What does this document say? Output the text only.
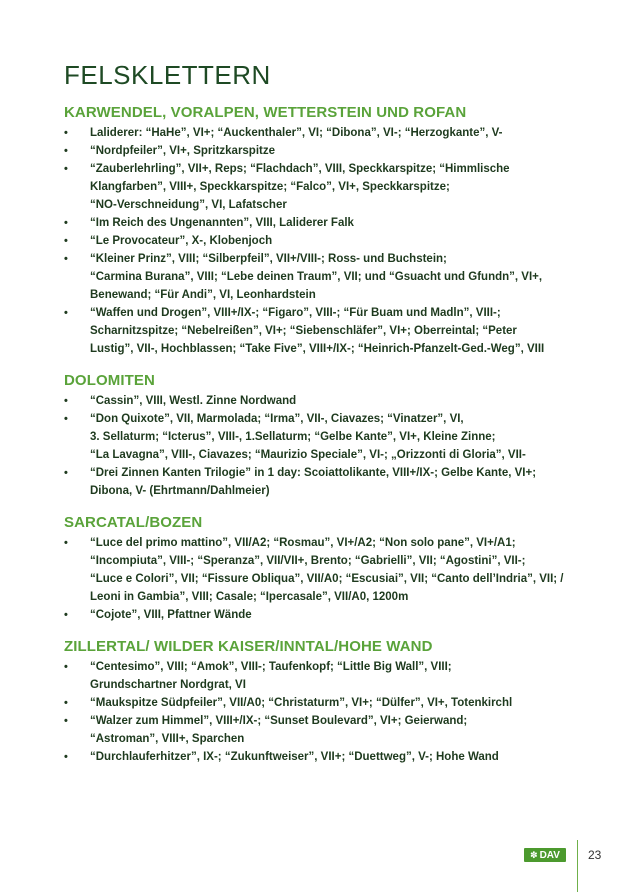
FELSKLETTERN
KARWENDEL, VORALPEN, WETTERSTEIN UND ROFAN
• Laliderer: “HaHe”, VI+; “Auckenthaler”, VI; “Dibona”, VI-; “Herzogkante”, V-
• “Nordpfeiler”, VI+, Spritzkarspitze
• “Zauberlehrling”, VII+, Reps; “Flachdach”, VIII, Speckkarspitze; “Himmlische
Klangfarben”, VIII+, Speckkarspitze; “Falco”, VI+, Speckkarspitze;
“NO-Verschneidung”, VI, Lafatscher
• “Im Reich des Ungenannten”, VIII, Laliderer Falk
• “Le Provocateur”, X-, Klobenjoch
• “Kleiner Prinz”, VIII; “Silberpfeil”, VII+/VIII-; Ross- und Buchstein;
“Carmina Burana”, VIII; “Lebe deinen Traum”, VII; und “Gsuacht und Gfundn”, VI+,
Benewand; “Für Andi”, VI, Leonhardstein
• “Waffen und Drogen”, VIII+/IX-; “Figaro”, VIII-; “Für Buam und Madln”, VIII-;
Scharnitzspitze; “Nebelreißen”, VI+; “Siebenschläfer”, VI+; Oberreintal; “Peter
Lustig”, VII-, Hochblassen; “Take Five”, VIII+/IX-; “Heinrich-Pfanzelt-Ged.-Weg”, VIII
DOLOMITEN
• “Cassin”, VIII, Westl. Zinne Nordwand
• “Don Quixote”, VII, Marmolada; “Irma”, VII-, Ciavazes; “Vinatzer”, VI,
3. Sellaturm; “Icterus”, VIII-, 1.Sellaturm; “Gelbe Kante”, VI+, Kleine Zinne;
“La Lavagna”, VIII-, Ciavazes; “Maurizio Speciale”, VI-; „Orizzonti di Gloria”, VII-
• “Drei Zinnen Kanten Trilogie” in 1 day: Scoiattolikante, VIII+/IX-; Gelbe Kante, VI+;
Dibona, V- (Ehrtmann/Dahlmeier)
SARCATAL/BOZEN
• “Luce del primo mattino”, VII/A2; “Rosmau”, VI+/A2; “Non solo pane”, VI+/A1;
“Incompiuta”, VIII-; “Speranza”, VII/VII+, Brento; “Gabrielli”, VII; “Agostini”, VII-;
“Luce e Colori”, VII; “Fissure Obliqua”, VII/A0; “Escusiai”, VII; “Canto dell’Indria”, VII; /
Leoni in Gambia”, VIII; Casale; “Ipercasale”, VII/A0, 1200m
• “Cojote”, VIII, Pfattner Wände
ZILLERTAL/ WILDER KAISER/INNTAL/HOHE WAND
• “Centesimo”, VIII; “Amok”, VIII-; Taufenkopf; “Little Big Wall”, VIII;
Grundschartner Nordgrat, VI
• “Maukspitze Südpfeiler”, VII/A0; “Christaturm”, VI+; “Dülfer”, VI+, Totenkirchl
• “Walzer zum Himmel”, VIII+/IX-; “Sunset Boulevard”, VI+; Geierwand;
“Astroman”, VIII+, Sparchen
• “Durchlauferhitzer”, IX-; “Zukunftweiser”, VII+; “Duettweg”, V-; Hohe Wand
✽ DAV 23
